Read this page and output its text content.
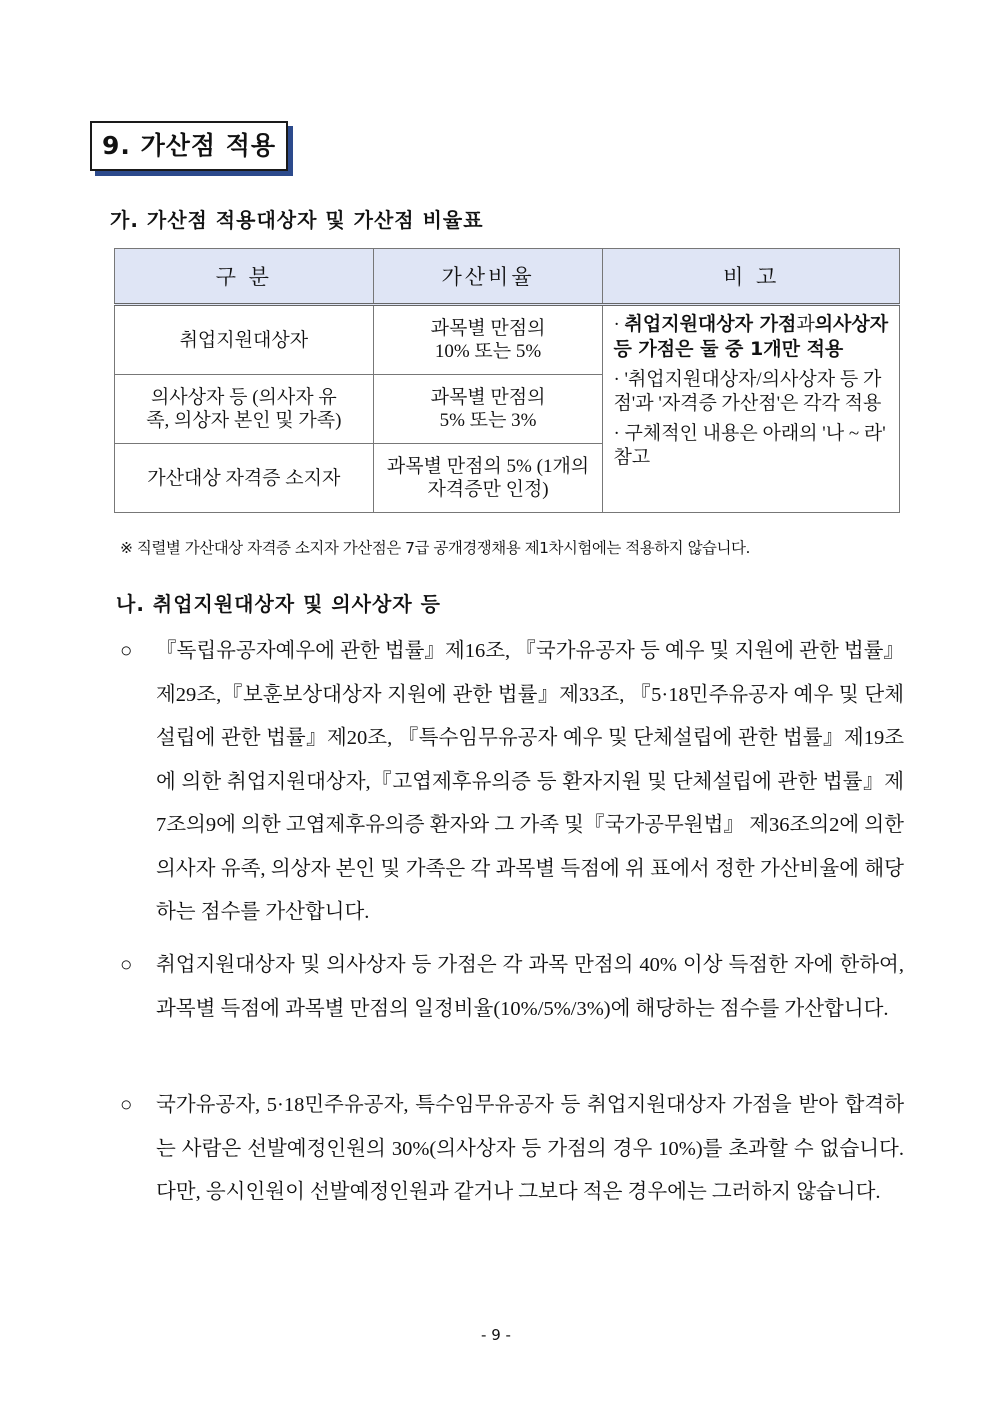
9. 가산점 적용
가. 가산점 적용대상자 및 가산점 비율표
구 분	가산비율	비 고
취업지원대상자	과목별 만점의 10% 또는 5%	· 취업지원대상자 가점과의사상자 등 가점은 둘 중 1개만 적용

· '취업지원대상자/의사상자 등 가점'과 '자격증 가산점'은 각각 적용

· 구체적인 내용은 아래의 '나 ~ 라' 참고

의사상자 등 (의사자 유족, 의상자 본인 및 가족)	과목별 만점의 5% 또는 3%	

가산대상 자격증 소지자	과목별 만점의 5% (1개의 자격증만 인정)	
※ 직렬별 가산대상 자격증 소지자 가산점은 7급 공개경쟁채용 제1차시험에는 적용하지 않습니다.
나. 취업지원대상자 및 의사상자 등
○ 『독립유공자예우에 관한 법률』제16조, 『국가유공자 등 예우 및 지원에 관한 법률』제29조,『보훈보상대상자 지원에 관한 법률』제33조, 『5·18민주유공자 예우 및 단체설립에 관한 법률』제20조, 『특수임무유공자 예우 및 단체설립에 관한 법률』제19조에 의한 취업지원대상자,『고엽제후유의증 등 환자지원 및 단체설립에 관한 법률』제7조의9에 의한 고엽제후유의증 환자와 그 가족 및『국가공무원법』 제36조의2에 의한 의사자 유족, 의상자 본인 및 가족은 각 과목별 득점에 위 표에서 정한 가산비율에 해당하는 점수를 가산합니다.
○ 취업지원대상자 및 의사상자 등 가점은 각 과목 만점의 40% 이상 득점한 자에 한하여, 과목별 득점에 과목별 만점의 일정비율(10%/5%/3%)에 해당하는 점수를 가산합니다.
○ 국가유공자, 5·18민주유공자, 특수임무유공자 등 취업지원대상자 가점을 받아 합격하는 사람은 선발예정인원의 30%(의사상자 등 가점의 경우 10%)를 초과할 수 없습니다. 다만, 응시인원이 선발예정인원과 같거나 그보다 적은 경우에는 그러하지 않습니다.
- 9 -
